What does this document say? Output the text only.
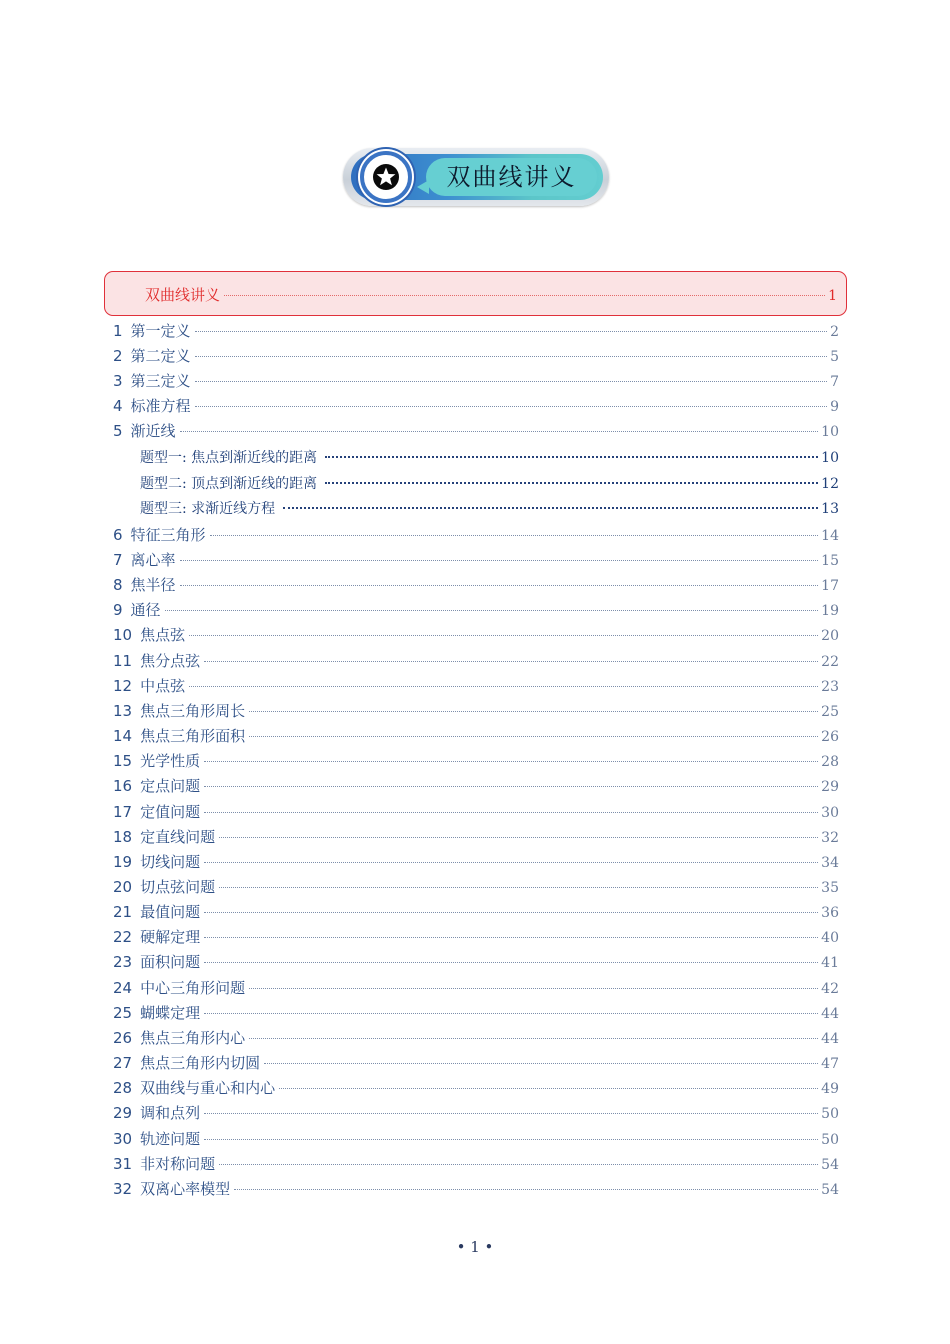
双曲线讲义
双曲线讲义	1
1 第一定义	2
2 第二定义	5
3 第三定义	7
4 标准方程	9
5 渐近线	10
题型一: 焦点到渐近线的距离	10
题型二: 顶点到渐近线的距离	12
题型三: 求渐近线方程	13
6 特征三角形	14
7 离心率	15
8 焦半径	17
9 通径	19
10 焦点弦	20
11 焦分点弦	22
12 中点弦	23
13 焦点三角形周长	25
14 焦点三角形面积	26
15 光学性质	28
16 定点问题	29
17 定值问题	30
18 定直线问题	32
19 切线问题	34
20 切点弦问题	35
21 最值问题	36
22 硬解定理	40
23 面积问题	41
24 中心三角形问题	42
25 蝴蝶定理	44
26 焦点三角形内心	44
27 焦点三角形内切圆	47
28 双曲线与重心和内心	49
29 调和点列	50
30 轨迹问题	50
31 非对称问题	54
32 双离心率模型	54
• 1 •
